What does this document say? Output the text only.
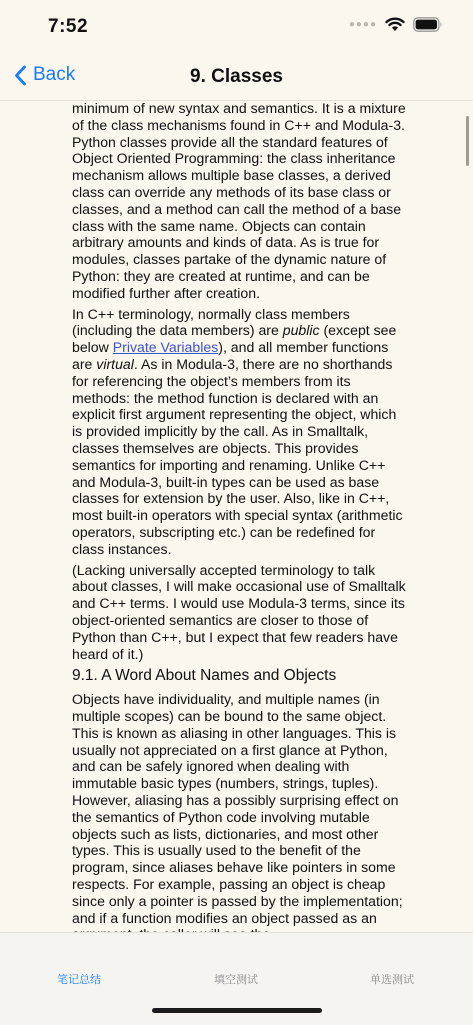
7:52	●●●●
Back	9. Classes

minimum of new syntax and semantics. It is a mixture of the class mechanisms found in C++ and Modula-3. Python classes provide all the standard features of Object Oriented Programming: the class inheritance mechanism allows multiple base classes, a derived class can override any methods of its base class or classes, and a method can call the method of a base class with the same name. Objects can contain arbitrary amounts and kinds of data. As is true for modules, classes partake of the dynamic nature of Python: they are created at runtime, and can be modified further after creation.

In C++ terminology, normally class members (including the data members) are public (except see below Private Variables), and all member functions are virtual. As in Modula-3, there are no shorthands for referencing the object’s members from its methods: the method function is declared with an explicit first argument representing the object, which is provided implicitly by the call. As in Smalltalk, classes themselves are objects. This provides semantics for importing and renaming. Unlike C++ and Modula-3, built-in types can be used as base classes for extension by the user. Also, like in C++, most built-in operators with special syntax (arithmetic operators, subscripting etc.) can be redefined for class instances.

(Lacking universally accepted terminology to talk about classes, I will make occasional use of Smalltalk and C++ terms. I would use Modula-3 terms, since its object-oriented semantics are closer to those of Python than C++, but I expect that few readers have heard of it.)

9.1. A Word About Names and Objects

Objects have individuality, and multiple names (in multiple scopes) can be bound to the same object. This is known as aliasing in other languages. This is usually not appreciated on a first glance at Python, and can be safely ignored when dealing with immutable basic types (numbers, strings, tuples). However, aliasing has a possibly surprising effect on the semantics of Python code involving mutable objects such as lists, dictionaries, and most other types. This is usually used to the benefit of the program, since aliases behave like pointers in some respects. For example, passing an object is cheap since only a pointer is passed by the implementation; and if a function modifies an object passed as an

笔记总结	填空测试	单选测试
